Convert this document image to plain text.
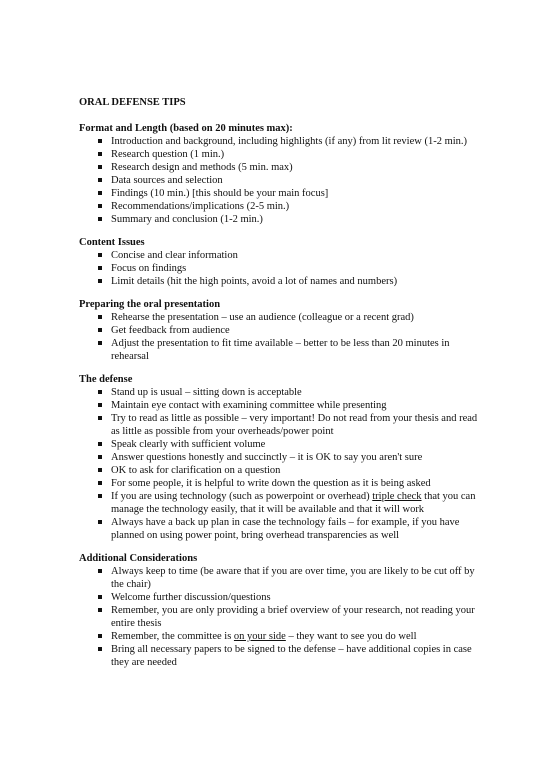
ORAL DEFENSE TIPS
Format and Length (based on 20 minutes max):
Introduction and background, including highlights (if any) from lit review (1-2 min.)
Research question (1 min.)
Research design and methods (5 min. max)
Data sources and selection
Findings (10 min.) [this should be your main focus]
Recommendations/implications (2-5 min.)
Summary and conclusion (1-2 min.)
Content Issues
Concise and clear information
Focus on findings
Limit details (hit the high points, avoid a lot of names and numbers)
Preparing the oral presentation
Rehearse the presentation – use an audience (colleague or a recent grad)
Get feedback from audience
Adjust the presentation to fit time available – better to be less than 20 minutes in rehearsal
The defense
Stand up is usual – sitting down is acceptable
Maintain eye contact with examining committee while presenting
Try to read as little as possible – very important! Do not read from your thesis and read as little as possible from your overheads/power point
Speak clearly with sufficient volume
Answer questions honestly and succinctly – it is OK to say you aren't sure
OK to ask for clarification on a question
For some people, it is helpful to write down the question as it is being asked
If you are using technology (such as powerpoint or overhead) triple check that you can manage the technology easily, that it will be available and that it will work
Always have a back up plan in case the technology fails – for example, if you have planned on using power point, bring overhead transparencies as well
Additional Considerations
Always keep to time (be aware that if you are over time, you are likely to be cut off by the chair)
Welcome further discussion/questions
Remember, you are only providing a brief overview of your research, not reading your entire thesis
Remember, the committee is on your side – they want to see you do well
Bring all necessary papers to be signed to the defense – have additional copies in case they are needed
